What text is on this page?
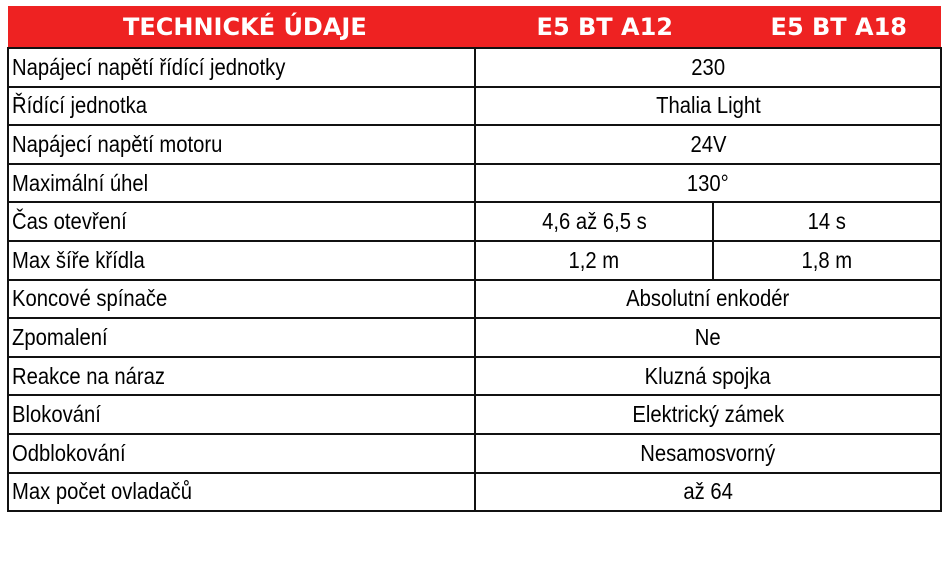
TECHNICKÉ ÚDAJE	E5 BT A12	E5 BT A18
Napájecí napětí řídící jednotky	230	
Řídící jednotka	Thalia Light	
Napájecí napětí motoru	24V	
Maximální úhel	130°	
Čas otevření	4,6 až 6,5 s	14 s
Max šíře křídla	1,2 m	1,8 m
Koncové spínače	Absolutní enkodér	
Zpomalení	Ne	
Reakce na náraz	Kluzná spojka	
Blokování	Elektrický zámek	
Odblokování	Nesamosvorný	
Max počet ovladačů	až 64	
